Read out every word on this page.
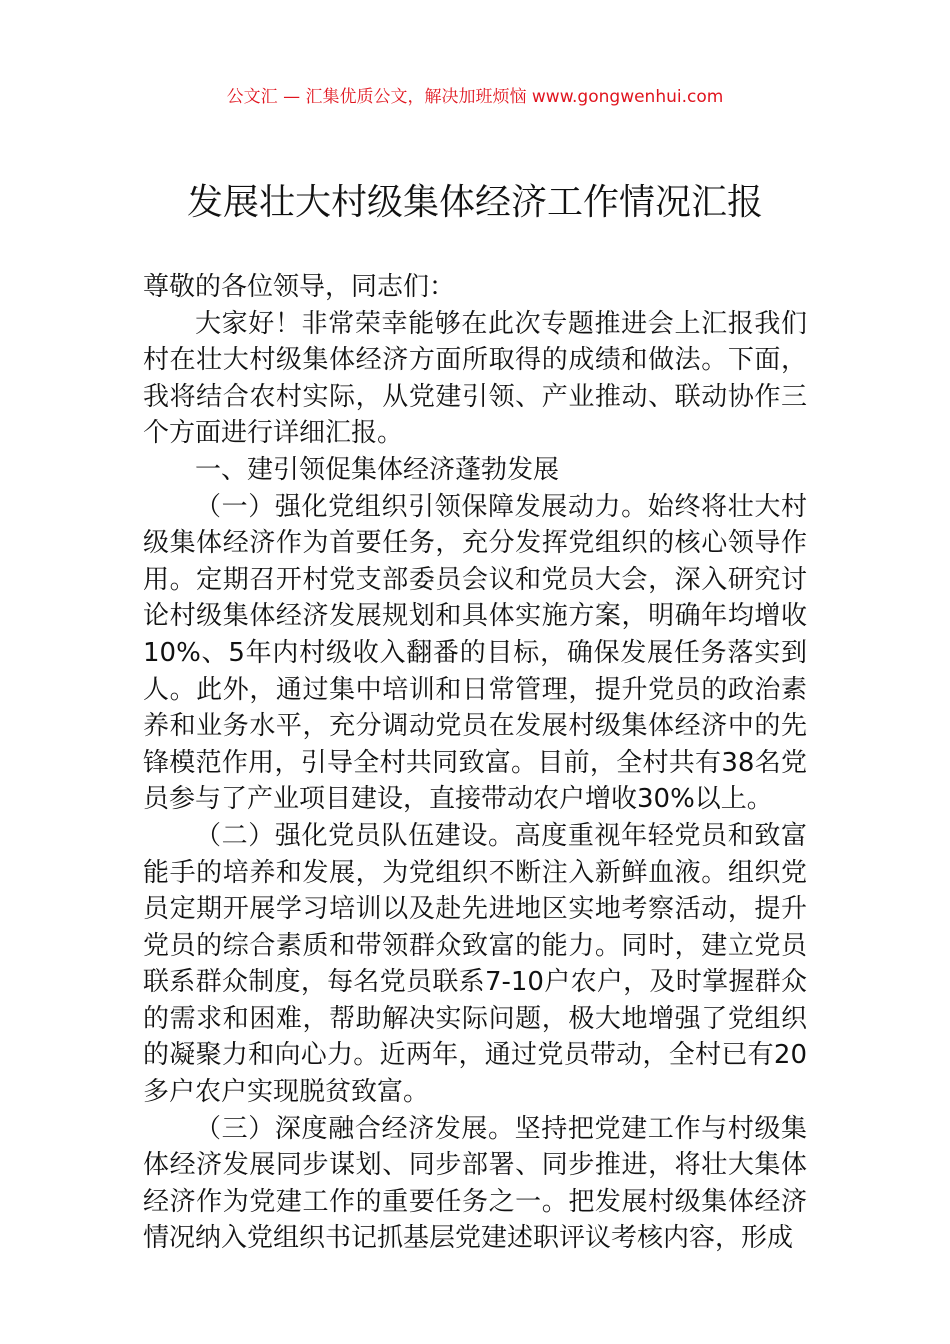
公文汇 — 汇集优质公文，解决加班烦恼 www.gongwenhui.com
发展壮大村级集体经济工作情况汇报

尊敬的各位领导，同志们：

大家好！非常荣幸能够在此次专题推进会上汇报我们村在壮大村级集体经济方面所取得的成绩和做法。下面，我将结合农村实际，从党建引领、产业推动、联动协作三个方面进行详细汇报。

一、建引领促集体经济蓬勃发展

（一）强化党组织引领保障发展动力。始终将壮大村级集体经济作为首要任务，充分发挥党组织的核心领导作用。定期召开村党支部委员会议和党员大会，深入研究讨论村级集体经济发展规划和具体实施方案，明确年均增收10%、5年内村级收入翻番的目标，确保发展任务落实到人。此外，通过集中培训和日常管理，提升党员的政治素养和业务水平，充分调动党员在发展村级集体经济中的先锋模范作用，引导全村共同致富。目前，全村共有38名党员参与了产业项目建设，直接带动农户增收30%以上。

（二）强化党员队伍建设。高度重视年轻党员和致富能手的培养和发展，为党组织不断注入新鲜血液。组织党员定期开展学习培训以及赴先进地区实地考察活动，提升党员的综合素质和带领群众致富的能力。同时，建立党员联系群众制度，每名党员联系7-10户农户，及时掌握群众的需求和困难，帮助解决实际问题，极大地增强了党组织的凝聚力和向心力。近两年，通过党员带动，全村已有20多户农户实现脱贫致富。

（三）深度融合经济发展。坚持把党建工作与村级集体经济发展同步谋划、同步部署、同步推进，将壮大集体经济作为党建工作的重要任务之一。把发展村级集体经济情况纳入党组织书记抓基层党建述职评议考核内容，形成
